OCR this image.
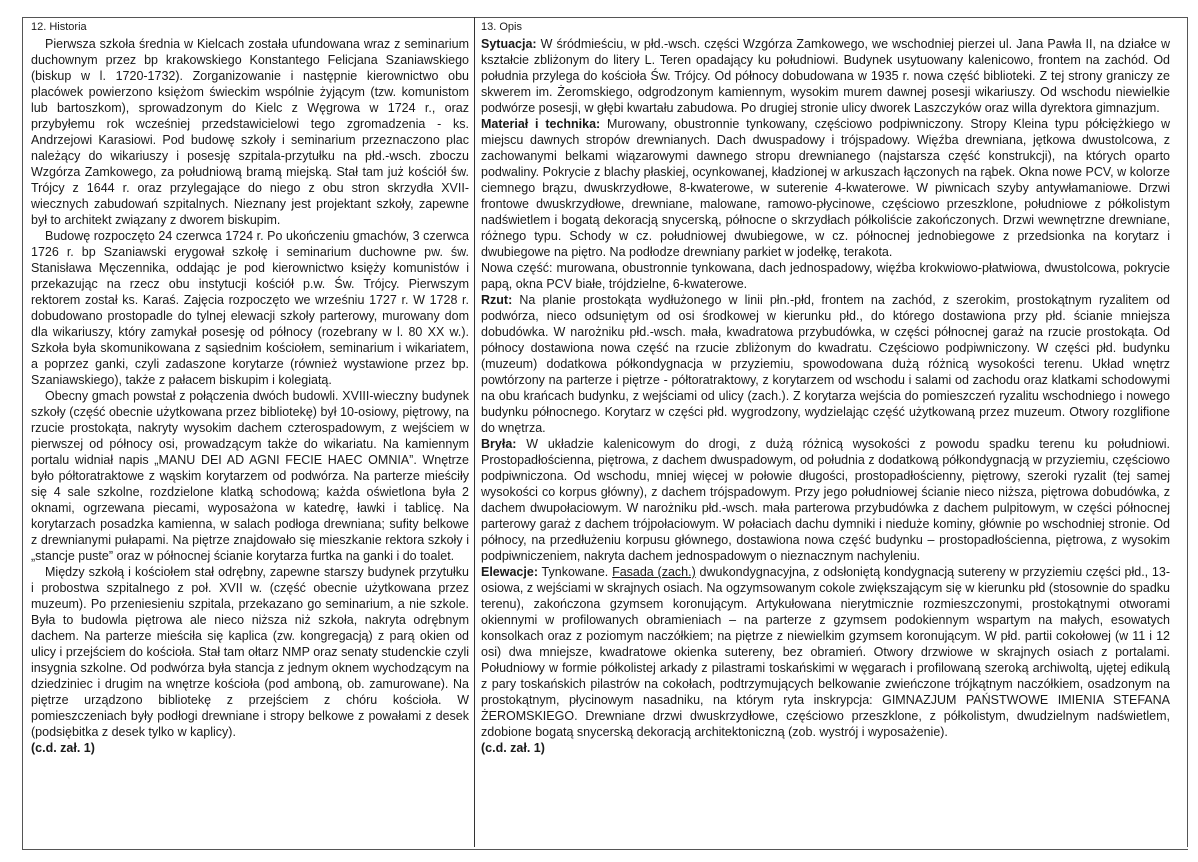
12. Historia

Pierwsza szkoła średnia w Kielcach została ufundowana wraz z seminarium duchownym przez bp krakowskiego Konstantego Felicjana Szaniawskiego (biskup w l. 1720-1732). Zorganizowanie i następnie kierownictwo obu placówek powierzono księżom świeckim wspólnie żyjącym (tzw. komunistom lub bartoszkom), sprowadzonym do Kielc z Węgrowa w 1724 r., oraz przybyłemu rok wcześniej przedstawicielowi tego zgromadzenia - ks. Andrzejowi Karasiowi. Pod budowę szkoły i seminarium przeznaczono plac należący do wikariuszy i posesję szpitala-przytułku na płd.-wsch. zboczu Wzgórza Zamkowego, za południową bramą miejską. Stał tam już kościół św. Trójcy z 1644 r. oraz przylegające do niego z obu stron skrzydła XVII-wiecznych zabudowań szpitalnych. Nieznany jest projektant szkoły, zapewne był to architekt związany z dworem biskupim.

Budowę rozpoczęto 24 czerwca 1724 r. Po ukończeniu gmachów, 3 czerwca 1726 r. bp Szaniawski erygował szkołę i seminarium duchowne pw. św. Stanisława Męczennika, oddając je pod kierownictwo księży komunistów i przekazując na rzecz obu instytucji kościół p.w. Św. Trójcy. Pierwszym rektorem został ks. Karaś. Zajęcia rozpoczęto we wrześniu 1727 r. W 1728 r. dobudowano prostopadle do tylnej elewacji szkoły parterowy, murowany dom dla wikariuszy, który zamykał posesję od północy (rozebrany w l. 80 XX w.). Szkoła była skomunikowana z sąsiednim kościołem, seminarium i wikariatem, a poprzez ganki, czyli zadaszone korytarze (również wystawione przez bp. Szaniawskiego), także z pałacem biskupim i kolegiatą.

Obecny gmach powstał z połączenia dwóch budowli. XVIII-wieczny budynek szkoły (część obecnie użytkowana przez bibliotekę) był 10-osiowy, piętrowy, na rzucie prostokąta, nakryty wysokim dachem czterospadowym, z wejściem w pierwszej od północy osi, prowadzącym także do wikariatu. Na kamiennym portalu widniał napis „MANU DEI AD AGNI FECIE HAEC OMNIA”. Wnętrze było półtoratraktowe z wąskim korytarzem od podwórza. Na parterze mieściły się 4 sale szkolne, rozdzielone klatką schodową; każda oświetlona była 2 oknami, ogrzewana piecami, wyposażona w katedrę, ławki i tablicę. Na korytarzach posadzka kamienna, w salach podłoga drewniana; sufity belkowe z drewnianymi pułapami. Na piętrze znajdowało się mieszkanie rektora szkoły i „stancje puste” oraz w północnej ścianie korytarza furtka na ganki i do toalet.

Między szkołą i kościołem stał odrębny, zapewne starszy budynek przytułku i probostwa szpitalnego z poł. XVII w. (część obecnie użytkowana przez muzeum). Po przeniesieniu szpitala, przekazano go seminarium, a nie szkole. Była to budowla piętrowa ale nieco niższa niż szkoła, nakryta odrębnym dachem. Na parterze mieściła się kaplica (zw. kongregacją) z parą okien od ulicy i przejściem do kościoła. Stał tam ołtarz NMP oraz senaty studenckie czyli insygnia szkolne. Od podwórza była stancja z jednym oknem wychodzącym na dziedziniec i drugim na wnętrze kościoła (pod amboną, ob. zamurowane). Na piętrze urządzono bibliotekę z przejściem z chóru kościoła. W pomieszczeniach były podłogi drewniane i stropy belkowe z powałami z desek (podsiębitka z desek tylko w kaplicy).

(c.d. zał. 1)

13. Opis

Sytuacja: W śródmieściu, w płd.-wsch. części Wzgórza Zamkowego, we wschodniej pierzei ul. Jana Pawła II, na działce w kształcie zbliżonym do litery L. Teren opadający ku południowi. Budynek usytuowany kalenicowo, frontem na zachód. Od południa przylega do kościoła Św. Trójcy. Od północy dobudowana w 1935 r. nowa część biblioteki. Z tej strony graniczy ze skwerem im. Żeromskiego, odgrodzonym kamiennym, wysokim murem dawnej posesji wikariuszy. Od wschodu niewielkie podwórze posesji, w głębi kwartału zabudowa. Po drugiej stronie ulicy dworek Laszczyków oraz willa dyrektora gimnazjum.

Materiał i technika: Murowany, obustronnie tynkowany, częściowo podpiwniczony. Stropy Kleina typu półciężkiego w miejscu dawnych stropów drewnianych. Dach dwuspadowy i trójspadowy. Więźba drewniana, jętkowa dwustolcowa, z zachowanymi belkami wiązarowymi dawnego stropu drewnianego (najstarsza część konstrukcji), na których oparto podwaliny. Pokrycie z blachy płaskiej, ocynkowanej, kładzionej w arkuszach łączonych na rąbek. Okna nowe PCV, w kolorze ciemnego brązu, dwuskrzydłowe, 8-kwaterowe, w suterenie 4-kwaterowe. W piwnicach szyby antywłamaniowe. Drzwi frontowe dwuskrzydłowe, drewniane, malowane, ramowo-płycinowe, częściowo przeszklone, południowe z półkolistym nadświetlem i bogatą dekoracją snycerską, północne o skrzydłach półkoliście zakończonych. Drzwi wewnętrzne drewniane, różnego typu. Schody w cz. południowej dwubiegowe, w cz. północnej jednobiegowe z przedsionka na korytarz i dwubiegowe na piętro. Na podłodze drewniany parkiet w jodełkę, terakota.

Nowa część: murowana, obustronnie tynkowana, dach jednospadowy, więźba krokwiowo-płatwiowa, dwustolcowa, pokrycie papą, okna PCV białe, trójdzielne, 6-kwaterowe.

Rzut: Na planie prostokąta wydłużonego w linii płn.-płd, frontem na zachód, z szerokim, prostokątnym ryzalitem od podwórza, nieco odsuniętym od osi środkowej w kierunku płd., do którego dostawiona przy płd. ścianie mniejsza dobudówka. W narożniku płd.-wsch. mała, kwadratowa przybudówka, w części północnej garaż na rzucie prostokąta. Od północy dostawiona nowa część na rzucie zbliżonym do kwadratu. Częściowo podpiwniczony. W części płd. budynku (muzeum) dodatkowa półkondygnacja w przyziemiu, spowodowana dużą różnicą wysokości terenu. Układ wnętrz powtórzony na parterze i piętrze - półtoratraktowy, z korytarzem od wschodu i salami od zachodu oraz klatkami schodowymi na obu krańcach budynku, z wejściami od ulicy (zach.). Z korytarza wejścia do pomieszczeń ryzalitu wschodniego i nowego budynku północnego. Korytarz w części płd. wygrodzony, wydzielając część użytkowaną przez muzeum. Otwory rozglifione do wnętrza.

Bryła: W układzie kalenicowym do drogi, z dużą różnicą wysokości z powodu spadku terenu ku południowi. Prostopadłościenna, piętrowa, z dachem dwuspadowym, od południa z dodatkową półkondygnacją w przyziemiu, częściowo podpiwniczona. Od wschodu, mniej więcej w połowie długości, prostopadłościenny, piętrowy, szeroki ryzalit (tej samej wysokości co korpus główny), z dachem trójspadowym. Przy jego południowej ścianie nieco niższa, piętrowa dobudówka, z dachem dwupołaciowym. W narożniku płd.-wsch. mała parterowa przybudówka z dachem pulpitowym, w części północnej parterowy garaż z dachem trójpołaciowym. W połaciach dachu dymniki i nieduże kominy, głównie po wschodniej stronie. Od północy, na przedłużeniu korpusu głównego, dostawiona nowa część budynku – prostopadłościenna, piętrowa, z wysokim podpiwniczeniem, nakryta dachem jednospadowym o nieznacznym nachyleniu.

Elewacje: Tynkowane. Fasada (zach.) dwukondygnacyjna, z odsłoniętą kondygnacją sutereny w przyziemiu części płd., 13-osiowa, z wejściami w skrajnych osiach. Na ogzymsowanym cokole zwiększającym się w kierunku płd (stosownie do spadku terenu), zakończona gzymsem koronującym. Artykułowana nierytmicznie rozmieszczonymi, prostokątnymi otworami okiennymi w profilowanych obramieniach – na parterze z gzymsem podokiennym wspartym na małych, esowatych konsolkach oraz z poziomym naczółkiem; na piętrze z niewielkim gzymsem koronującym. W płd. partii cokołowej (w 11 i 12 osi) dwa mniejsze, kwadratowe okienka sutereny, bez obramień. Otwory drzwiowe w skrajnych osiach z portalami. Południowy w formie półkolistej arkady z pilastrami toskańskimi w węgarach i profilowaną szeroką archiwoltą, ujętej edikulą z pary toskańskich pilastrów na cokołach, podtrzymujących belkowanie zwieńczone trójkątnym naczółkiem, osadzonym na prostokątnym, płycinowym nasadniku, na którym ryta inskrypcja: GIMNAZJUM PAŃSTWOWE IMIENIA STEFANA ŻEROMSKIEGO. Drewniane drzwi dwuskrzydłowe, częściowo przeszklone, z półkolistym, dwudzielnym nadświetlem, zdobione bogatą snycerską dekoracją architektoniczną (zob. wystrój i wyposażenie).

(c.d. zał. 1)
